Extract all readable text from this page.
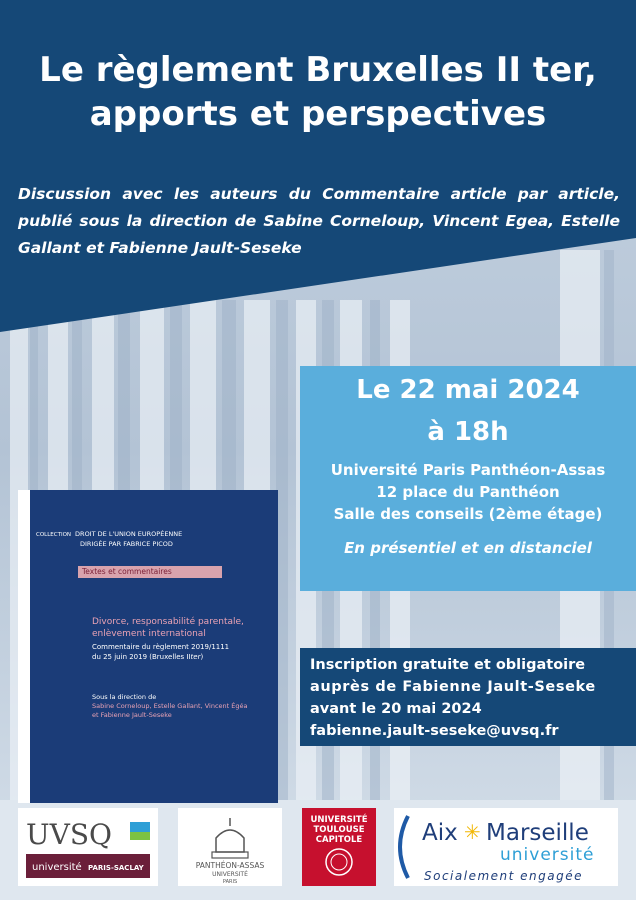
Le règlement Bruxelles II ter,
apports et perspectives

Discussion avec les auteurs du Commentaire article par article, publié sous la direction de Sabine Corneloup, Vincent Egea, Estelle Gallant et Fabienne Jault-Seseke

Le 22 mai 2024
à 18h
Université Paris Panthéon-Assas
12 place du Panthéon
Salle des conseils (2ème étage)
En présentiel et en distanciel
Inscription gratuite et obligatoire
auprès de Fabienne Jault-Seseke
avant le 20 mai 2024
fabienne.jault-seseke@uvsq.fr
COLLECTION DROIT DE L'UNION EUROPÉENNE
DIRIGÉE PAR FABRICE PICOD
Textes et commentaires
Divorce, responsabilité parentale,
enlèvement international
Commentaire du règlement 2019/1111
du 25 juin 2019 (Bruxelles IIter)
Sous la direction de
Sabine Corneloup, Estelle Gallant, Vincent Égéa
et Fabienne Jault-Seseke
UVSQ
université PARIS-SACLAY	PANTHÉON-ASSAS
UNIVERSITÉ
PARIS
UNIVERSITÉ
TOULOUSE
CAPITOLE	Aix ✳ Marseille
université
Socialement engagée
